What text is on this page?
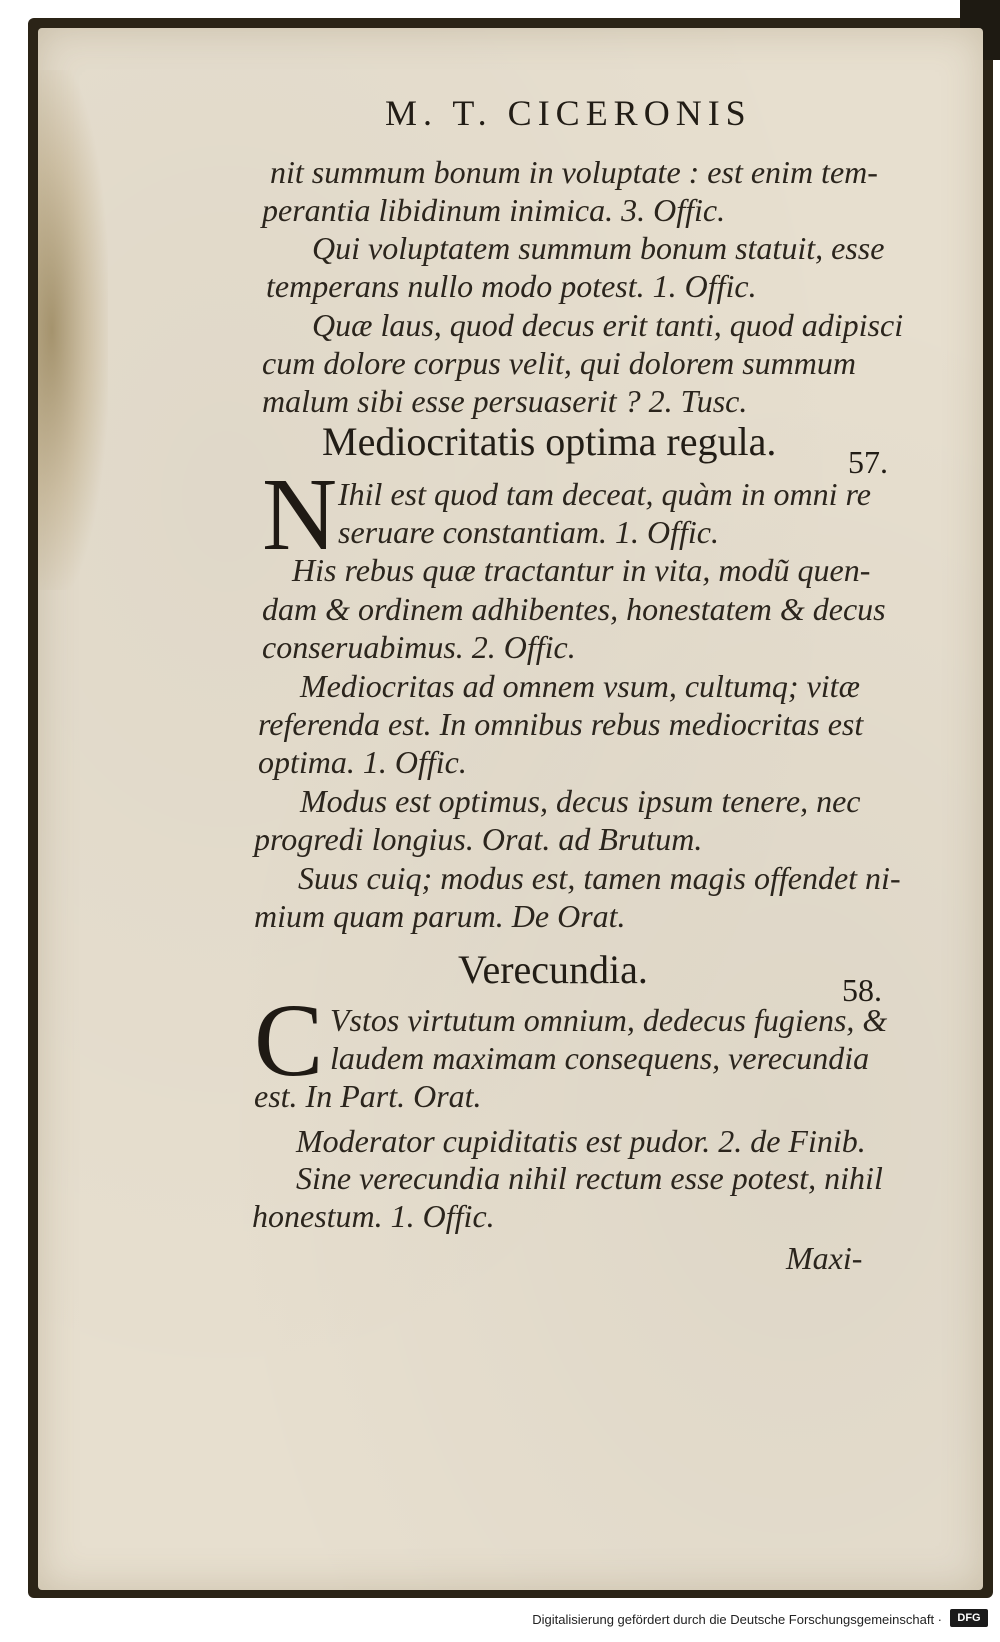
M. T. CICERONIS
nit summum bonum in voluptate : est enim tem-
perantia libidinum inimica. 3. Offic.
Qui voluptatem summum bonum statuit, esse
temperans nullo modo potest. 1. Offic.
Quæ laus, quod decus erit tanti, quod adipisci
cum dolore corpus velit, qui dolorem summum
malum sibi esse persuaserit ? 2. Tusc.
Mediocritatis optima regula. 57.
N Ihil est quod tam deceat, quàm in omni re
seruare constantiam. 1. Offic.
His rebus quæ tractantur in vita, modũ quen-
dam & ordinem adhibentes, honestatem & decus
conseruabimus. 2. Offic.
Mediocritas ad omnem vsum, cultumq; vitæ
referenda est. In omnibus rebus mediocritas est
optima. 1. Offic.
Modus est optimus, decus ipsum tenere, nec
progredi longius. Orat. ad Brutum.
Suus cuiq; modus est, tamen magis offendet ni-
mium quam parum. De Orat.
Verecundia.	58.
C Vstos virtutum omnium, dedecus fugiens, &
laudem maximam consequens, verecundia
est. In Part. Orat.
Moderator cupiditatis est pudor. 2. de Finib.
Sine verecundia nihil rectum esse potest, nihil
honestum. 1. Offic.
Maxi-
Digitalisierung gefördert durch die Deutsche Forschungsgemeinschaft ·	DFG
